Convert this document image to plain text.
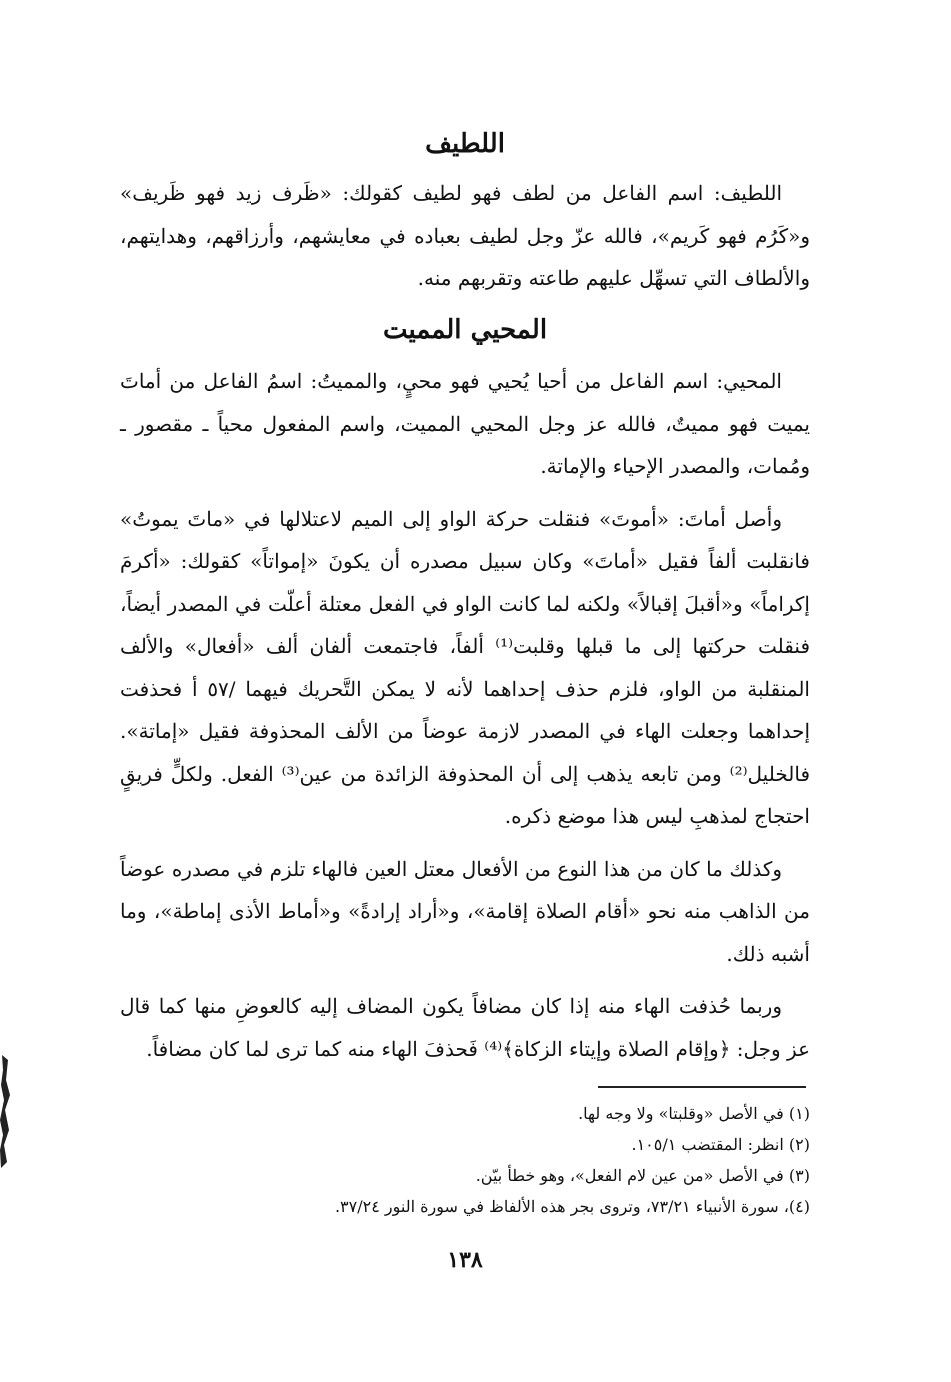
اللطيف

اللطيف: اسم الفاعل من لطف فهو لطيف كقولك: «ظَرف زيد فهو ظَريف» و«كَرُم فهو كَريم»، فالله عزّ وجل لطيف بعباده في معايشهم، وأرزاقهم، وهدايتهم، والألطاف التي تسهِّل عليهم طاعته وتقربهم منه.

المحيي المميت

المحيي: اسم الفاعل من أحيا يُحيي فهو محيٍ، والمميتُ: اسمُ الفاعل من أماتَ يميت فهو مميتٌ، فالله عز وجل المحيي المميت، واسم المفعول محياً ـ مقصور ـ ومُمات، والمصدر الإحياء والإماتة.

وأصل أماتَ: «أموتَ» فنقلت حركة الواو إلى الميم لاعتلالها في «ماتَ يموتُ» فانقلبت ألفاً فقيل «أماتَ» وكان سبيل مصدره أن يكونَ «إمواتاً» كقولك: «أكرمَ إكراماً» و«أقبلَ إقبالاً» ولكنه لما كانت الواو في الفعل معتلة أعلّت في المصدر أيضاً، فنقلت حركتها إلى ما قبلها وقلبت⁽¹⁾ ألفاً، فاجتمعت ألفان ألف «أفعال» والألف المنقلبة من الواو، فلزم حذف إحداهما لأنه لا يمكن التَّحريك فيهما /٥٧ أ فحذفت إحداهما وجعلت الهاء في المصدر لازمة عوضاً من الألف المحذوفة فقيل «إماتة». فالخليل⁽²⁾ ومن تابعه يذهب إلى أن المحذوفة الزائدة من عين⁽³⁾ الفعل. ولكلٍّ فريقٍ احتجاج لمذهبِ ليس هذا موضع ذكره.

وكذلك ما كان من هذا النوع من الأفعال معتل العين فالهاء تلزم في مصدره عوضاً من الذاهب منه نحو «أقام الصلاة إقامة»، و«أراد إرادةً» و«أماط الأذى إماطة»، وما أشبه ذلك.

وربما حُذفت الهاء منه إذا كان مضافاً يكون المضاف إليه كالعوضِ منها كما قال عز وجل: ﴿وإقام الصلاة وإيتاء الزكاة﴾⁽⁴⁾ فَحذفَ الهاء منه كما ترى لما كان مضافاً.

(١) في الأصل «وقلبتا» ولا وجه لها.

(٢) انظر: المقتضب ١٠٥/١.

(٣) في الأصل «من عين لام الفعل»، وهو خطأ بيّن.

(٤)، سورة الأنبياء ٧٣/٢١، وتروى بجر هذه الألفاظ في سورة النور ٣٧/٢٤.

١٣٨
